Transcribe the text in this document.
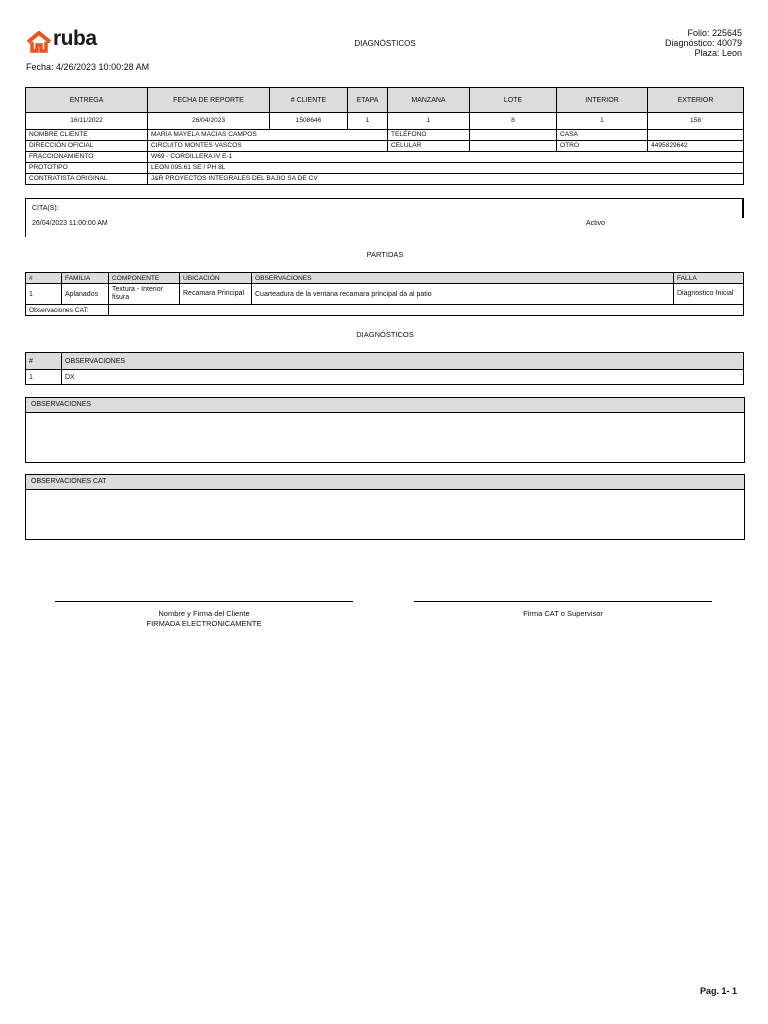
ruba	DIAGNÓSTICOS
Folio: 225645
Diagnóstico: 40079
Plaza: Leon
Fecha: 4/26/2023 10:00:28 AM
ENTREGA	FECHA DE REPORTE	# CLIENTE	ETAPA	MANZANA	LOTE	INTERIOR	EXTERIOR
16/11/2022	26/04/2023	1508646	1	1	8	1	158
NOMBRE CLIENTE	MARIA MAYELA MACIAS CAMPOS			TELÉFONO		CASA	
DIRECCIÓN OFICIAL	CIRCUITO MONTES VASCOS			CELULAR		OTRO	4495829642
FRACCIONAMIENTO	W69 - CORDILLERA IV E-1						
PROTOTIPO	LEON 095.61 SE / PH 8L						
CONTRATISTA ORIGINAL	J&R PROYECTOS INTEGRALES DEL BAJIO SA DE CV						
CITA(S):
26/04/2023 11:00:00 AM	Activo
PARTIDAS
#	FAMILIA	COMPONENTE	UBICACIÓN	OBSERVACIONES	FALLA
1	Aplanados	Textura - Interior fisura	Recamara Principal	Cuarteadura de la ventana recamara principal da al patio	Diagnostico Inicial
Observaciones CAT:					
DIAGNÓSTICOS
#	OBSERVACIONES
1	DX
OBSERVACIONES
OBSERVACIONES CAT
Nombre y Firma del Cliente
FIRMADA ELECTRONICAMENTE
Firma CAT o Supervisor
Pag. 1- 1
